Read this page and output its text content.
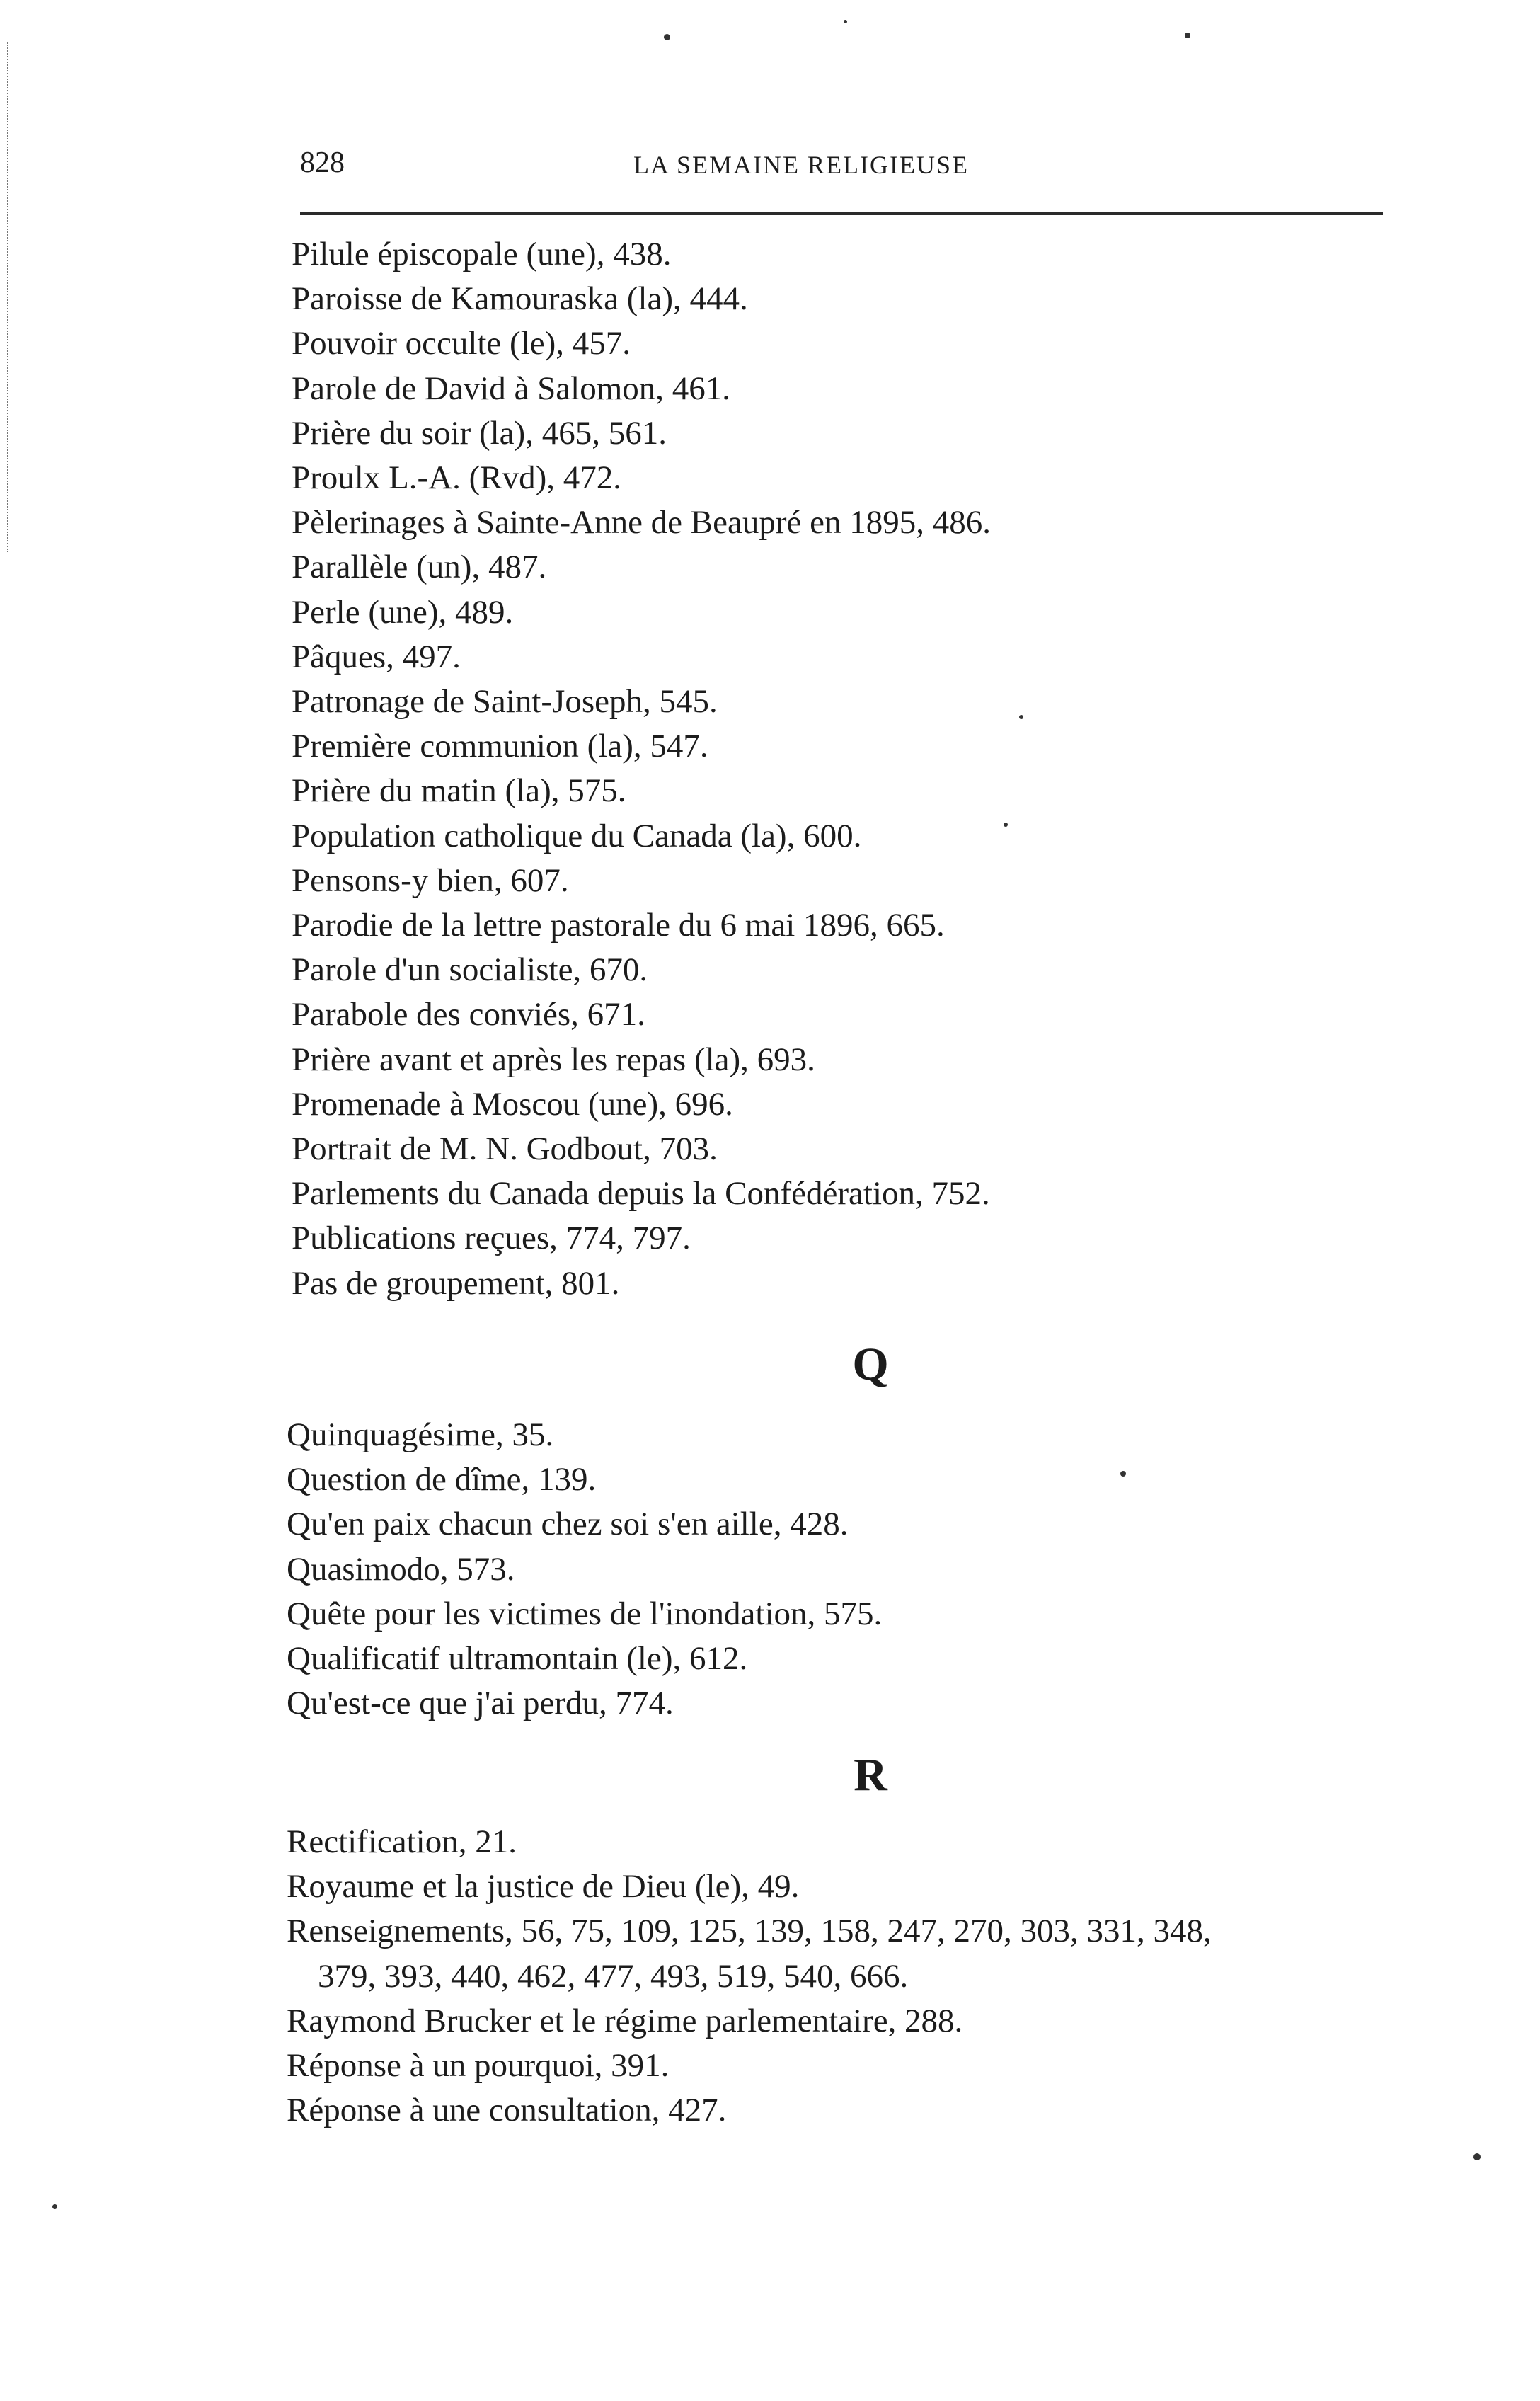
828	LA SEMAINE RELIGIEUSE
Pilule épiscopale (une), 438.
Paroisse de Kamouraska (la), 444.
Pouvoir occulte (le), 457.
Parole de David à Salomon, 461.
Prière du soir (la), 465, 561.
Proulx L.-A. (Rvd), 472.
Pèlerinages à Sainte-Anne de Beaupré en 1895, 486.
Parallèle (un), 487.
Perle (une), 489.
Pâques, 497.
Patronage de Saint-Joseph, 545.
Première communion (la), 547.
Prière du matin (la), 575.
Population catholique du Canada (la), 600.
Pensons-y bien, 607.
Parodie de la lettre pastorale du 6 mai 1896, 665.
Parole d'un socialiste, 670.
Parabole des conviés, 671.
Prière avant et après les repas (la), 693.
Promenade à Moscou (une), 696.
Portrait de M. N. Godbout, 703.
Parlements du Canada depuis la Confédération, 752.
Publications reçues, 774, 797.
Pas de groupement, 801.
Q
Quinquagésime, 35.
Question de dîme, 139.
Qu'en paix chacun chez soi s'en aille, 428.
Quasimodo, 573.
Quête pour les victimes de l'inondation, 575.
Qualificatif ultramontain (le), 612.
Qu'est-ce que j'ai perdu, 774.
R
Rectification, 21.
Royaume et la justice de Dieu (le), 49.
Renseignements, 56, 75, 109, 125, 139, 158, 247, 270, 303, 331, 348,
379, 393, 440, 462, 477, 493, 519, 540, 666.
Raymond Brucker et le régime parlementaire, 288.
Réponse à un pourquoi, 391.
Réponse à une consultation, 427.
